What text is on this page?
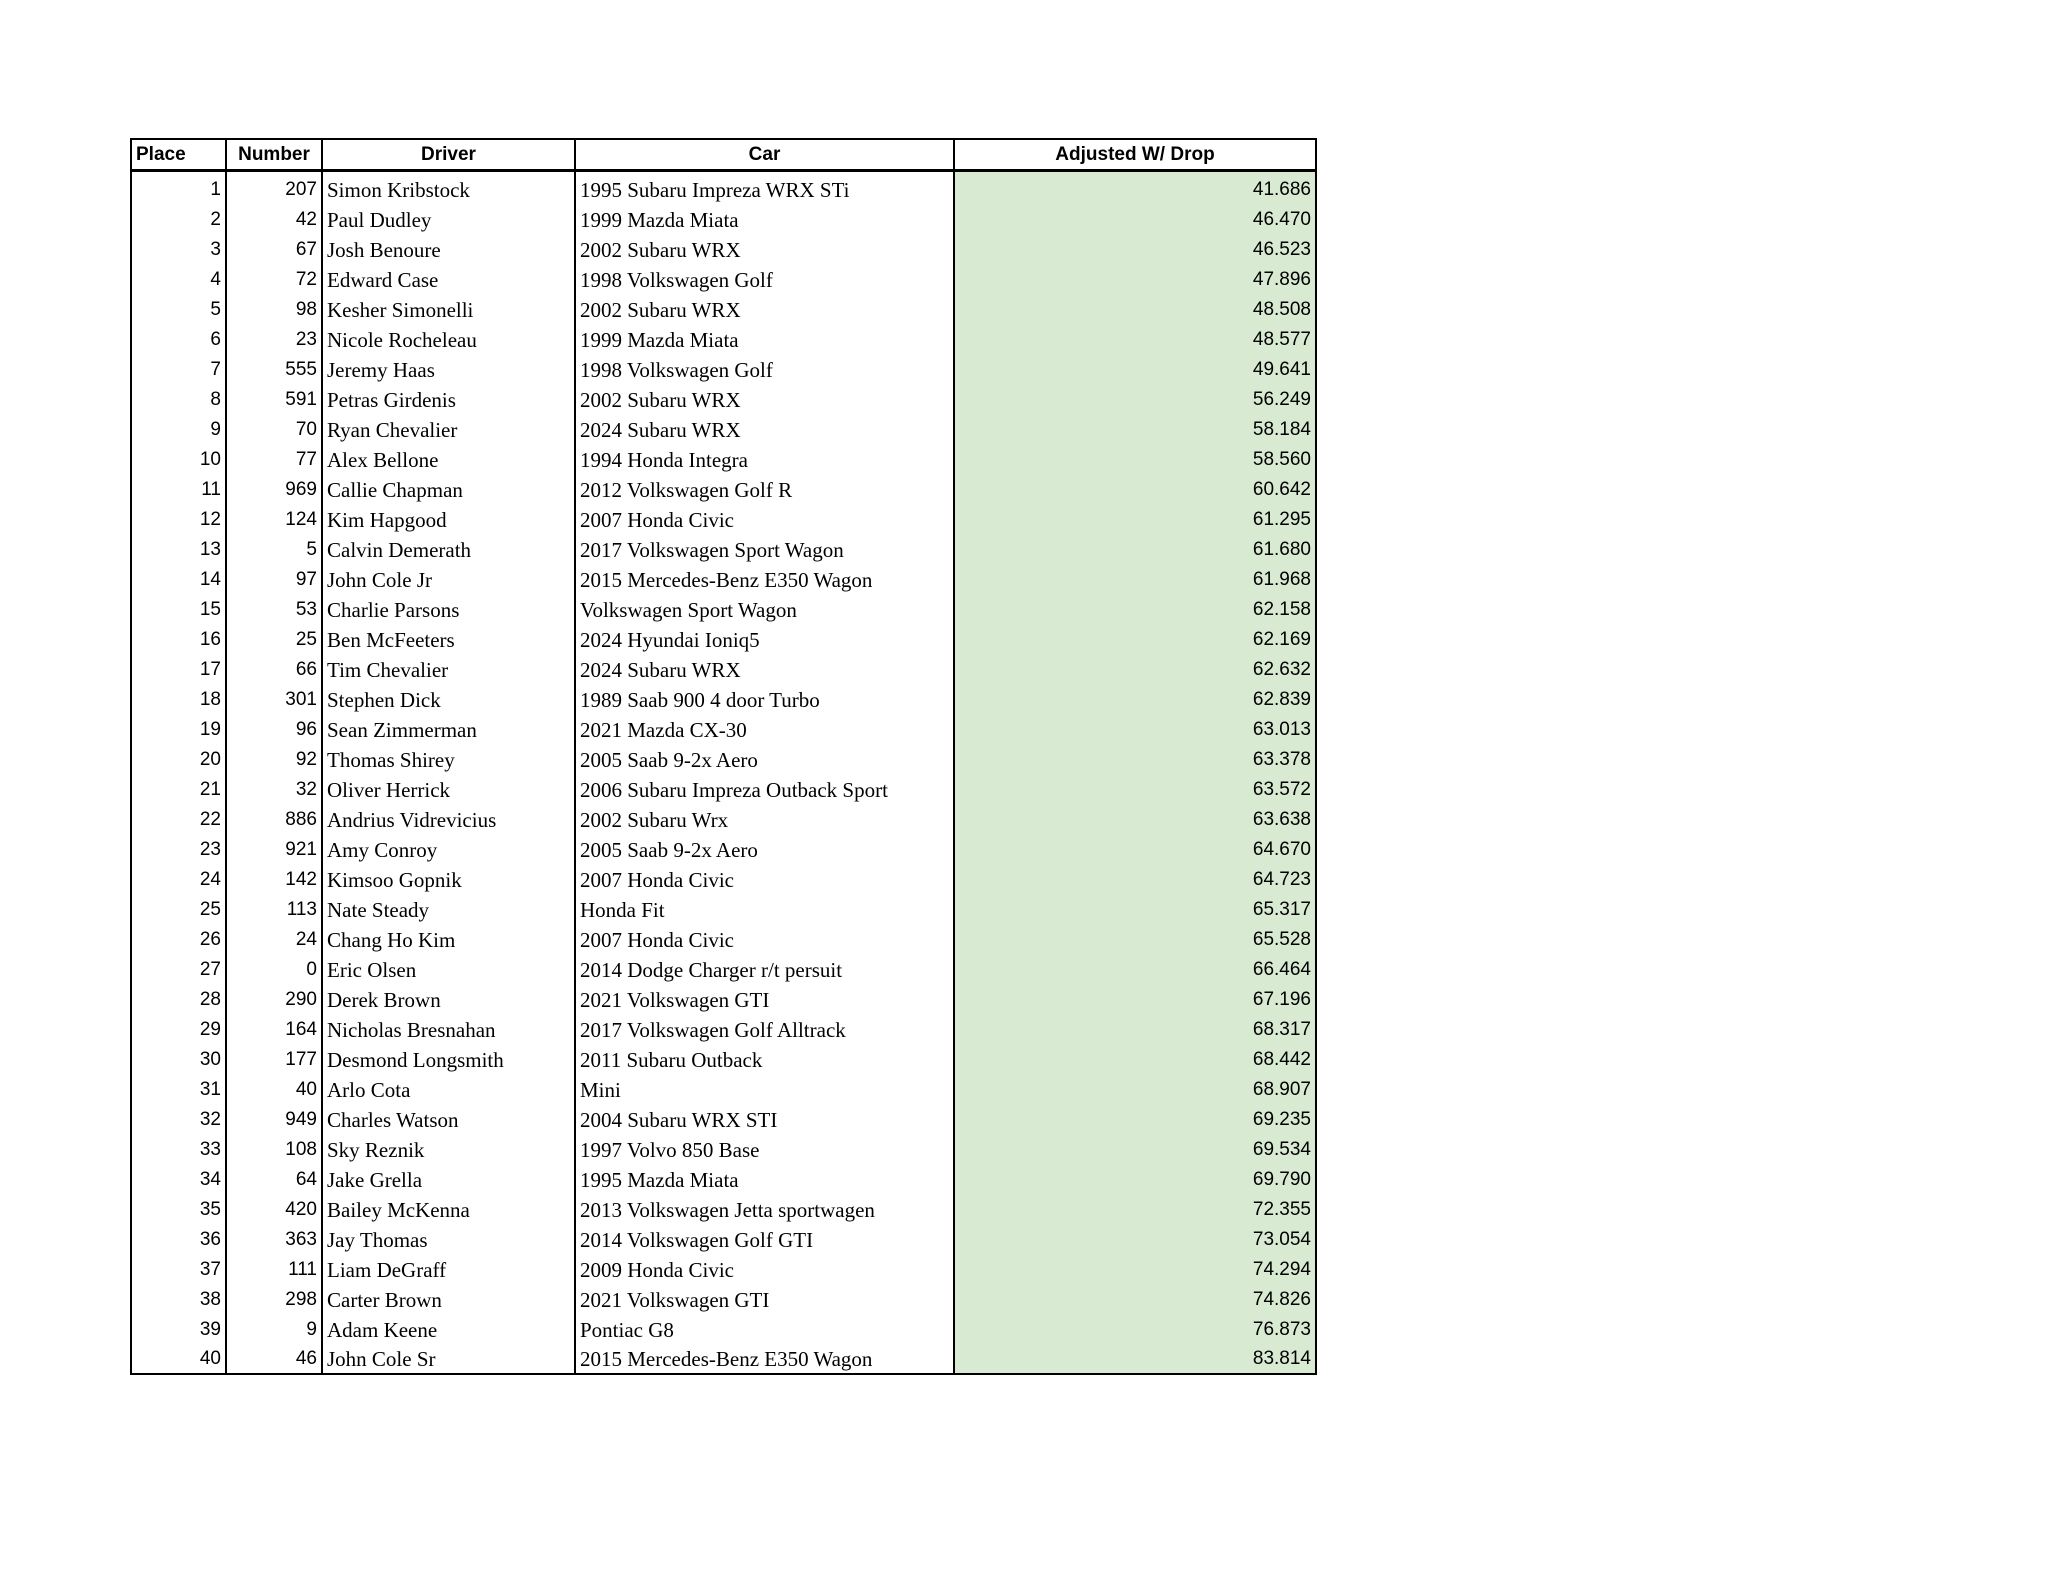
Place	Number	Driver	Car	Adjusted W/ Drop
1	207	Simon Kribstock	1995 Subaru Impreza WRX STi	41.686
2	42	Paul Dudley	1999 Mazda Miata	46.470
3	67	Josh Benoure	2002 Subaru WRX	46.523
4	72	Edward Case	1998 Volkswagen Golf	47.896
5	98	Kesher Simonelli	2002 Subaru WRX	48.508
6	23	Nicole Rocheleau	1999 Mazda Miata	48.577
7	555	Jeremy Haas	1998 Volkswagen Golf	49.641
8	591	Petras Girdenis	2002 Subaru WRX	56.249
9	70	Ryan Chevalier	2024 Subaru WRX	58.184
10	77	Alex Bellone	1994 Honda Integra	58.560
11	969	Callie Chapman	2012 Volkswagen Golf R	60.642
12	124	Kim Hapgood	2007 Honda Civic	61.295
13	5	Calvin Demerath	2017 Volkswagen Sport Wagon	61.680
14	97	John Cole Jr	2015 Mercedes-Benz E350 Wagon	61.968
15	53	Charlie Parsons	Volkswagen Sport Wagon	62.158
16	25	Ben McFeeters	2024 Hyundai Ioniq5	62.169
17	66	Tim Chevalier	2024 Subaru WRX	62.632
18	301	Stephen Dick	1989 Saab 900 4 door Turbo	62.839
19	96	Sean Zimmerman	2021 Mazda CX-30	63.013
20	92	Thomas Shirey	2005 Saab 9-2x Aero	63.378
21	32	Oliver Herrick	2006 Subaru Impreza Outback Sport	63.572
22	886	Andrius Vidrevicius	2002 Subaru Wrx	63.638
23	921	Amy Conroy	2005 Saab 9-2x Aero	64.670
24	142	Kimsoo Gopnik	2007 Honda Civic	64.723
25	113	Nate Steady	Honda Fit	65.317
26	24	Chang Ho Kim	2007 Honda Civic	65.528
27	0	Eric Olsen	2014 Dodge Charger r/t persuit	66.464
28	290	Derek Brown	2021 Volkswagen GTI	67.196
29	164	Nicholas Bresnahan	2017 Volkswagen Golf Alltrack	68.317
30	177	Desmond Longsmith	2011 Subaru Outback	68.442
31	40	Arlo Cota	Mini	68.907
32	949	Charles Watson	2004 Subaru WRX STI	69.235
33	108	Sky Reznik	1997 Volvo 850 Base	69.534
34	64	Jake Grella	1995 Mazda Miata	69.790
35	420	Bailey McKenna	2013 Volkswagen Jetta sportwagen	72.355
36	363	Jay Thomas	2014 Volkswagen Golf GTI	73.054
37	111	Liam DeGraff	2009 Honda Civic	74.294
38	298	Carter Brown	2021 Volkswagen GTI	74.826
39	9	Adam Keene	Pontiac G8	76.873
40	46	John Cole Sr	2015 Mercedes-Benz E350 Wagon	83.814
